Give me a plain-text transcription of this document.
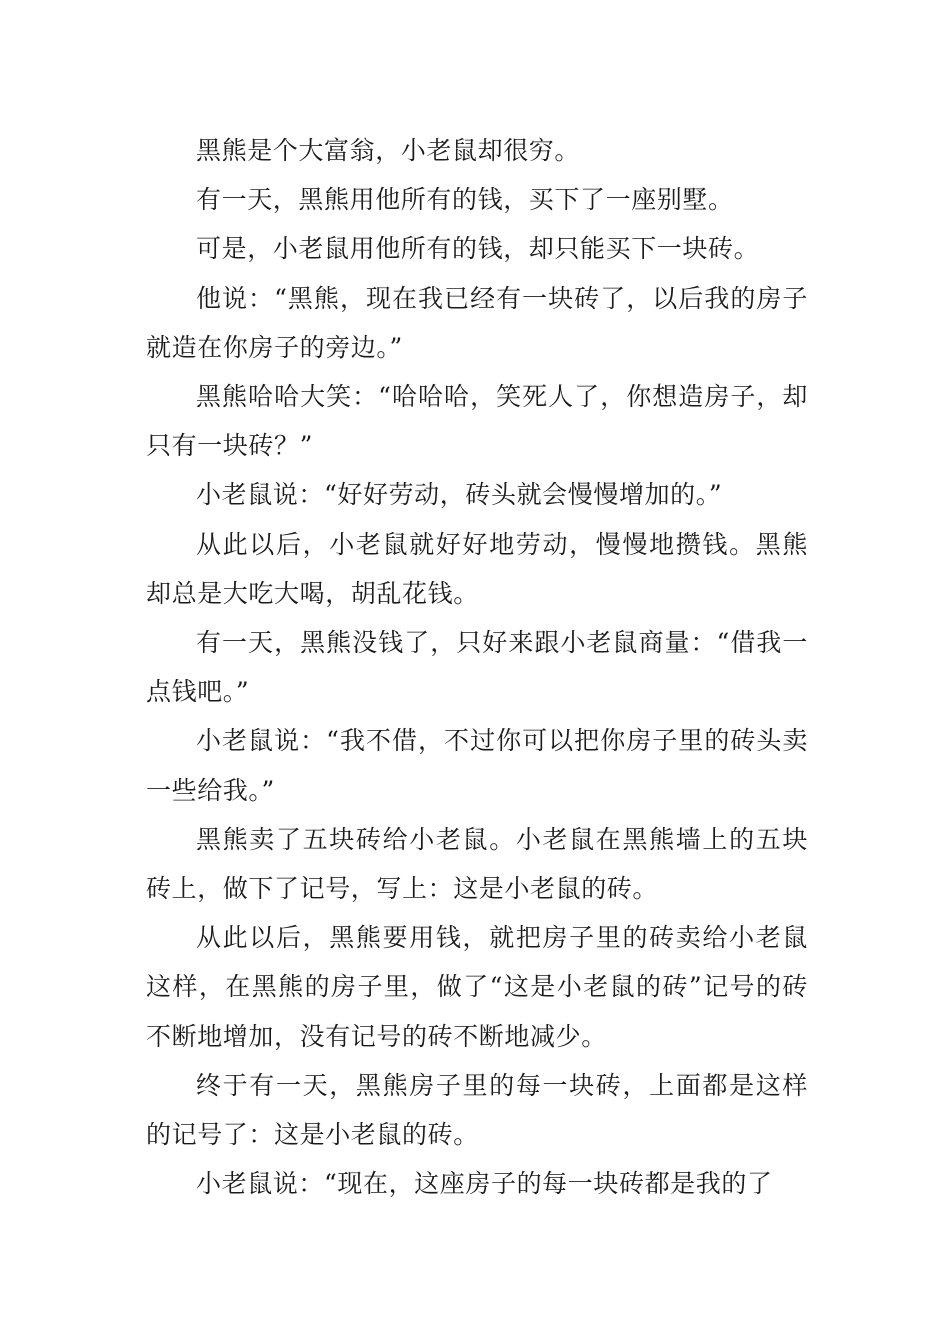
黑熊是个大富翁，小老鼠却很穷。

有一天，黑熊用他所有的钱，买下了一座别墅。

可是，小老鼠用他所有的钱，却只能买下一块砖。

他说：“黑熊，现在我已经有一块砖了，以后我的房子就造在你房子的旁边。”

黑熊哈哈大笑：“哈哈哈，笑死人了，你想造房子，却只有一块砖？”

小老鼠说：“好好劳动，砖头就会慢慢增加的。”

从此以后，小老鼠就好好地劳动，慢慢地攒钱。黑熊却总是大吃大喝，胡乱花钱。

有一天，黑熊没钱了，只好来跟小老鼠商量：“借我一点钱吧。”

小老鼠说：“我不借，不过你可以把你房子里的砖头卖一些给我。”

黑熊卖了五块砖给小老鼠。小老鼠在黑熊墙上的五块砖上，做下了记号，写上：这是小老鼠的砖。

从此以后，黑熊要用钱，就把房子里的砖卖给小老鼠这样，在黑熊的房子里，做了“这是小老鼠的砖”记号的砖不断地增加，没有记号的砖不断地减少。

终于有一天，黑熊房子里的每一块砖，上面都是这样的记号了：这是小老鼠的砖。

小老鼠说：“现在，这座房子的每一块砖都是我的了
